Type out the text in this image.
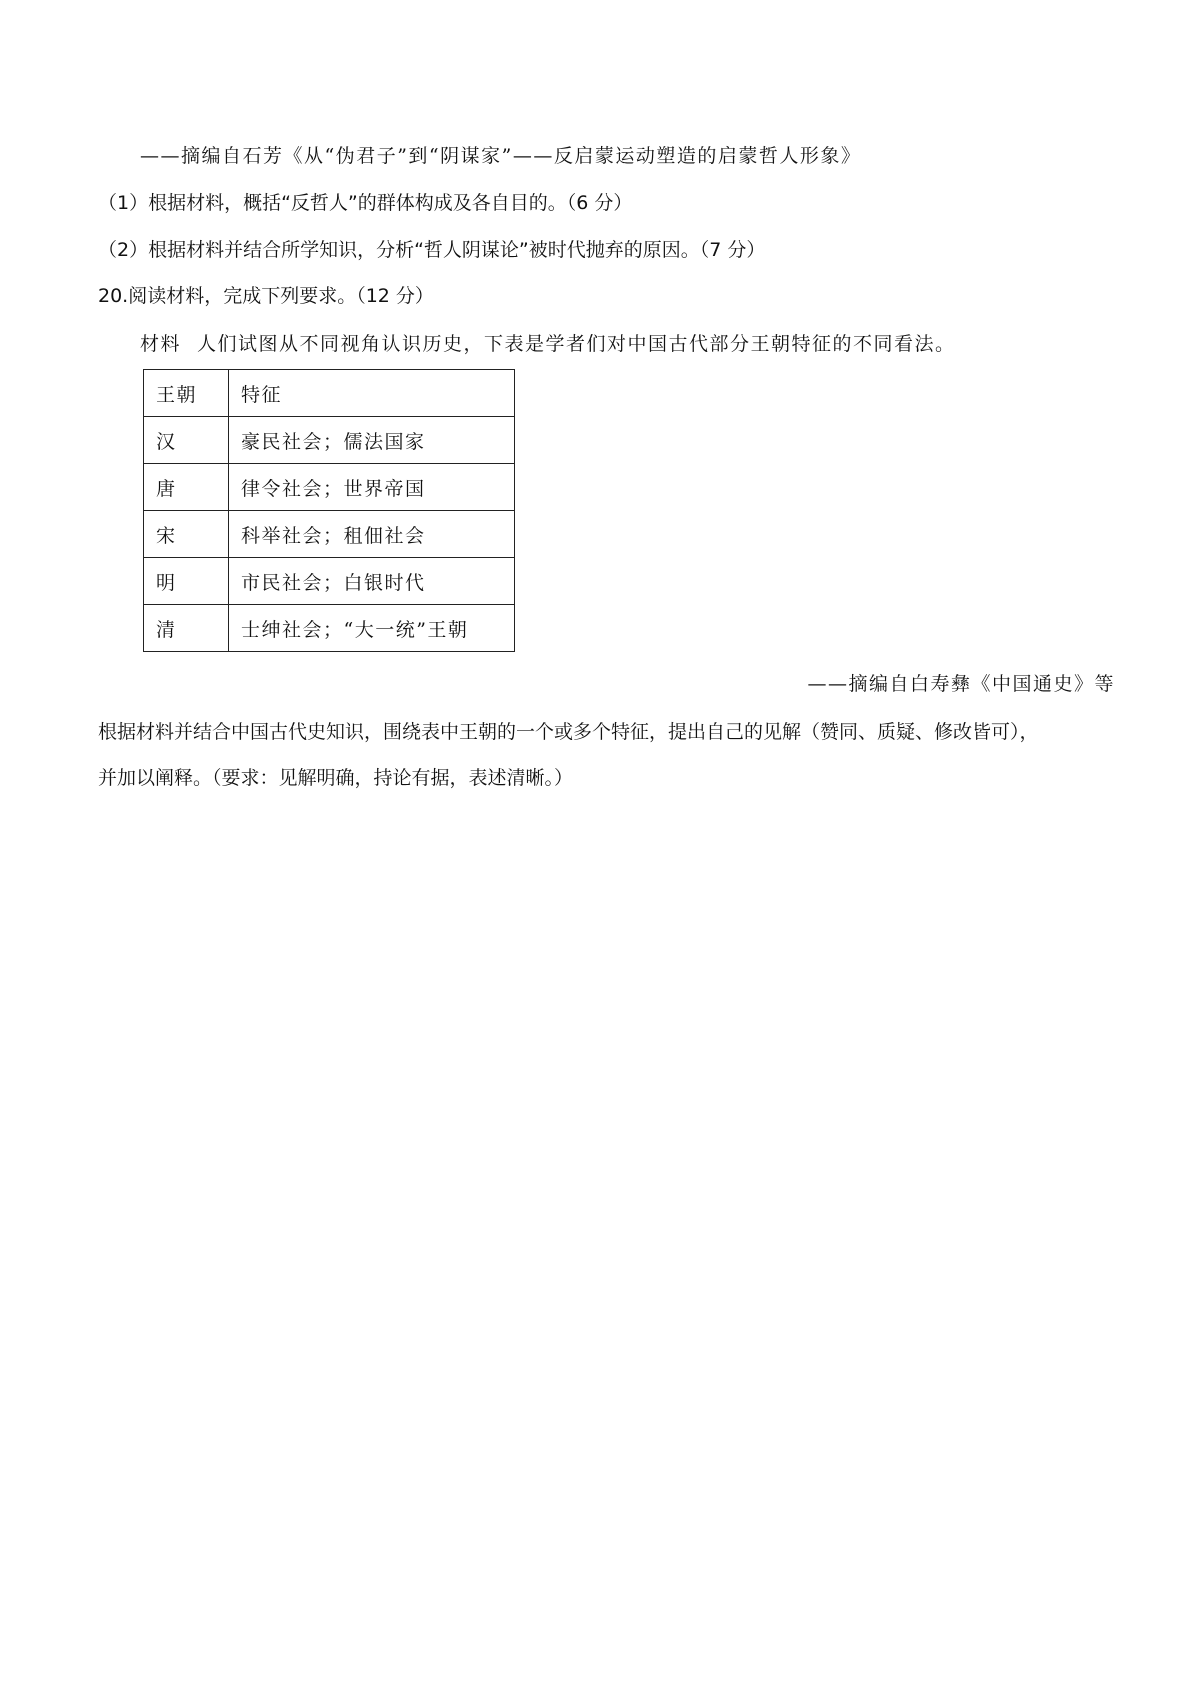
——摘编自石芳《从“伪君子”到“阴谋家”——反启蒙运动塑造的启蒙哲人形象》
（1）根据材料，概括“反哲人”的群体构成及各自目的。（6 分）
（2）根据材料并结合所学知识，分析“哲人阴谋论”被时代抛弃的原因。（7 分）
20.阅读材料，完成下列要求。（12 分）
材料 人们试图从不同视角认识历史，下表是学者们对中国古代部分王朝特征的不同看法。
王朝	特征
汉	豪民社会；儒法国家
唐	律令社会；世界帝国
宋	科举社会；租佃社会
明	市民社会；白银时代
清	士绅社会；“大一统”王朝
——摘编自白寿彝《中国通史》等
根据材料并结合中国古代史知识，围绕表中王朝的一个或多个特征，提出自己的见解（赞同、质疑、修改皆可），
并加以阐释。（要求：见解明确，持论有据，表述清晰。）
